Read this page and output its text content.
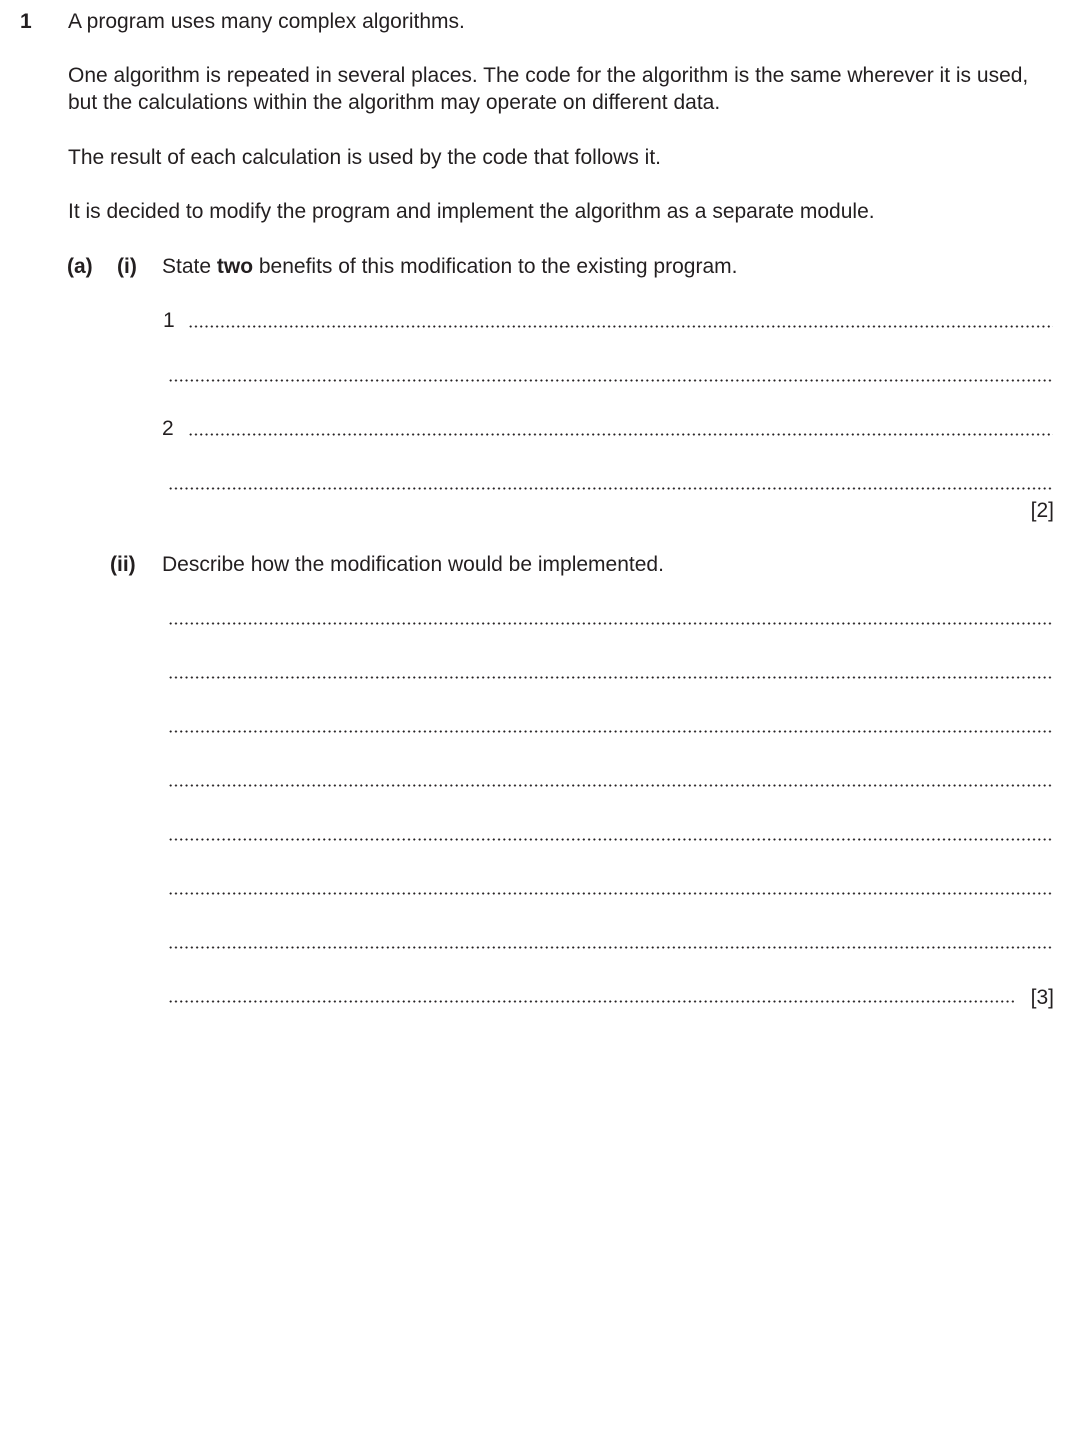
1 A program uses many complex algorithms.
One algorithm is repeated in several places. The code for the algorithm is the same wherever it is used, but the calculations within the algorithm may operate on different data.
The result of each calculation is used by the code that follows it.
It is decided to modify the program and implement the algorithm as a separate module.
(a) (i) State two benefits of this modification to the existing program.
1
2
[2]
(ii) Describe how the modification would be implemented.
[3]
